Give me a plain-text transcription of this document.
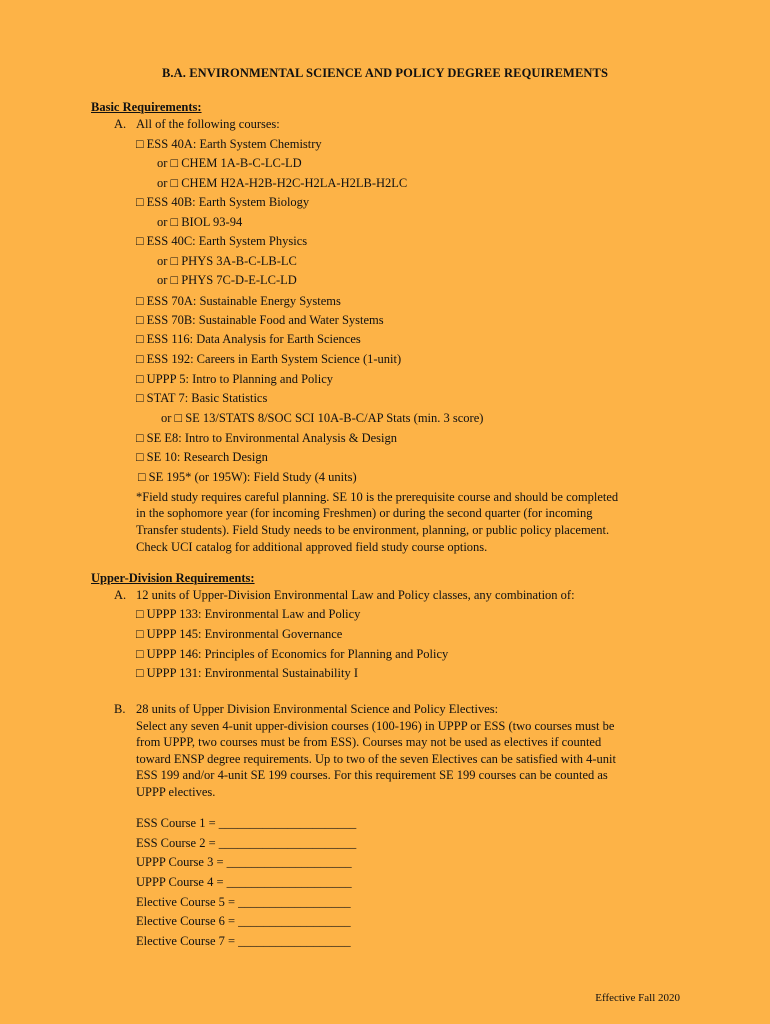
B.A. ENVIRONMENTAL SCIENCE AND POLICY DEGREE REQUIREMENTS
Basic Requirements:
A. All of the following courses:
□ ESS 40A: Earth System Chemistry
or □ CHEM 1A-B-C-LC-LD
or □ CHEM H2A-H2B-H2C-H2LA-H2LB-H2LC
□ ESS 40B: Earth System Biology
or □ BIOL 93-94
□ ESS 40C: Earth System Physics
or □ PHYS 3A-B-C-LB-LC
or □ PHYS 7C-D-E-LC-LD
□ ESS 70A: Sustainable Energy Systems
□ ESS 70B: Sustainable Food and Water Systems
□ ESS 116: Data Analysis for Earth Sciences
□ ESS 192: Careers in Earth System Science (1-unit)
□ UPPP 5: Intro to Planning and Policy
□ STAT 7: Basic Statistics
or □ SE 13/STATS 8/SOC SCI 10A-B-C/AP Stats (min. 3 score)
□ SE E8: Intro to Environmental Analysis & Design
□ SE 10: Research Design
□ SE 195* (or 195W): Field Study (4 units)
*Field study requires careful planning. SE 10 is the prerequisite course and should be completed
in the sophomore year (for incoming Freshmen) or during the second quarter (for incoming
Transfer students). Field Study needs to be environment, planning, or public policy placement.
Check UCI catalog for additional approved field study course options.
Upper-Division Requirements:
A. 12 units of Upper-Division Environmental Law and Policy classes, any combination of:
□ UPPP 133: Environmental Law and Policy
□ UPPP 145: Environmental Governance
□ UPPP 146: Principles of Economics for Planning and Policy
□ UPPP 131: Environmental Sustainability I
B. 28 units of Upper Division Environmental Science and Policy Electives:
Select any seven 4-unit upper-division courses (100-196) in UPPP or ESS (two courses must be
from UPPP, two courses must be from ESS). Courses may not be used as electives if counted
toward ENSP degree requirements. Up to two of the seven Electives can be satisfied with 4-unit
ESS 199 and/or 4-unit SE 199 courses. For this requirement SE 199 courses can be counted as
UPPP electives.
ESS Course 1 = ______________________
ESS Course 2 = ______________________
UPPP Course 3 = ____________________
UPPP Course 4 = ____________________
Elective Course 5 = __________________
Elective Course 6 = __________________
Elective Course 7 = __________________
Effective Fall 2020
